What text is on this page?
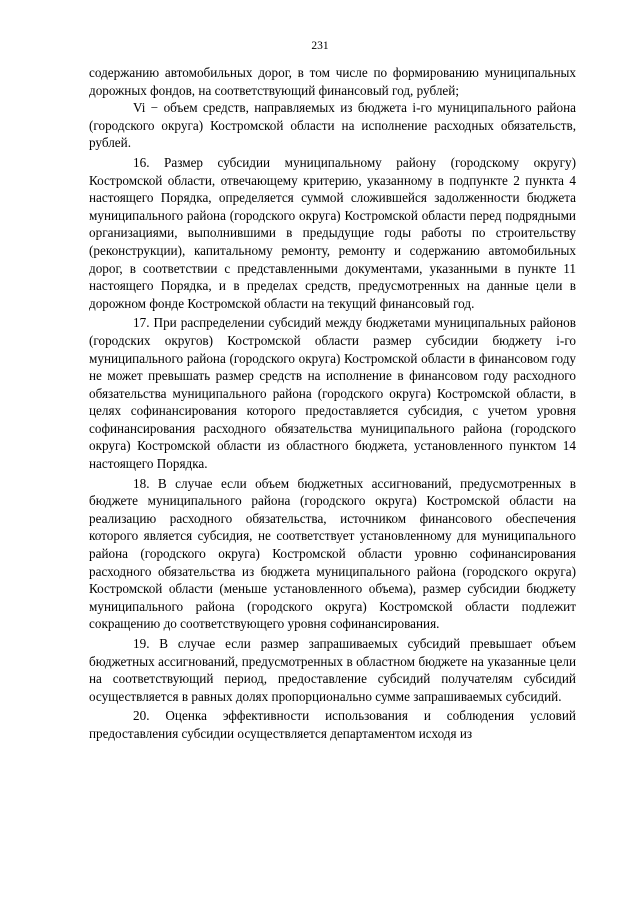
231

содержанию автомобильных дорог, в том числе по формированию муниципальных дорожных фондов, на соответствующий финансовый год, рублей;

Vi − объем средств, направляемых из бюджета i-го муниципального района (городского округа) Костромской области на исполнение расходных обязательств, рублей.

16. Размер субсидии муниципальному району (городскому округу) Костромской области, отвечающему критерию, указанному в подпункте 2 пункта 4 настоящего Порядка, определяется суммой сложившейся задолженности бюджета муниципального района (городского округа) Костромской области перед подрядными организациями, выполнившими в предыдущие годы работы по строительству (реконструкции), капитальному ремонту, ремонту и содержанию автомобильных дорог, в соответствии с представленными документами, указанными в пункте 11 настоящего Порядка, и в пределах средств, предусмотренных на данные цели в дорожном фонде Костромской области на текущий финансовый год.

17. При распределении субсидий между бюджетами муниципальных районов (городских округов) Костромской области размер субсидии бюджету i-го муниципального района (городского округа) Костромской области в финансовом году не может превышать размер средств на исполнение в финансовом году расходного обязательства муниципального района (городского округа) Костромской области, в целях софинансирования которого предоставляется субсидия, с учетом уровня софинансирования расходного обязательства муниципального района (городского округа) Костромской области из областного бюджета, установленного пунктом 14 настоящего Порядка.

18. В случае если объем бюджетных ассигнований, предусмотренных в бюджете муниципального района (городского округа) Костромской области на реализацию расходного обязательства, источником финансового обеспечения которого является субсидия, не соответствует установленному для муниципального района (городского округа) Костромской области уровню софинансирования расходного обязательства из бюджета муниципального района (городского округа) Костромской области (меньше установленного объема), размер субсидии бюджету муниципального района (городского округа) Костромской области подлежит сокращению до соответствующего уровня софинансирования.

19. В случае если размер запрашиваемых субсидий превышает объем бюджетных ассигнований, предусмотренных в областном бюджете на указанные цели на соответствующий период, предоставление субсидий получателям субсидий осуществляется в равных долях пропорционально сумме запрашиваемых субсидий.

20. Оценка эффективности использования и соблюдения условий предоставления субсидии осуществляется департаментом исходя из
